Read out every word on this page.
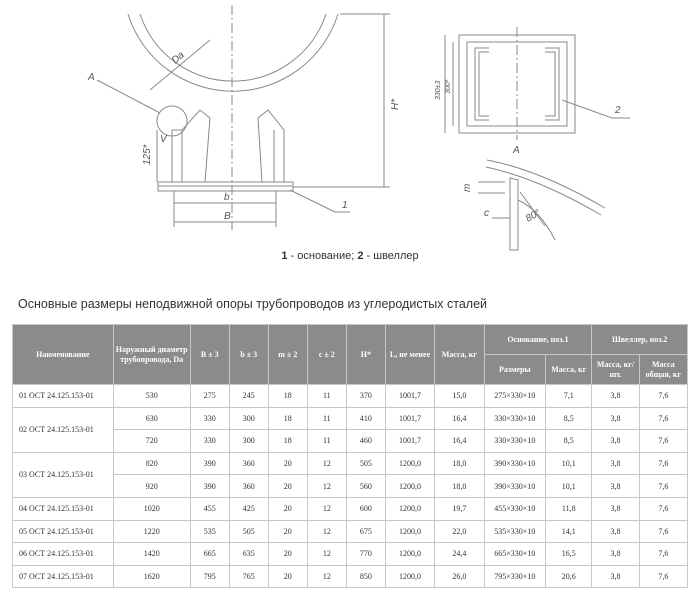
A
Da
H*
125*
b
B
1
V
A
330±3 300*
2
m
c	80°
1 - основание; 2 - швеллер
Основные размеры неподвижной опоры трубопроводов из углеродистых сталей
Наименование	Наружный диаметр трубопровода, Da	B ± 3	b ± 3	m ± 2	c ± 2	H*	L, не менее	Масса, кг	Основание, поз.1		Швеллер, поз.2	
									Размеры	Масса, кг	Масса, кг/шт.	Масса общая, кг
01 ОСТ 24.125.153-01	530	275	245	18	11	370	1001,7	15,0	275×330×10	7,1	3,8	7,6
02 ОСТ 24.125.153-01	630	330	300	18	11	410	1001,7	16,4	330×330×10	8,5	3,8	7,6
	720	330	300	18	11	460	1001,7	16,4	330×330×10	8,5	3,8	7,6
03 ОСТ 24.125.153-01	820	390	360	20	12	505	1200,0	18,0	390×330×10	10,1	3,8	7,6
	920	390	360	20	12	560	1200,0	18,0	390×330×10	10,1	3,8	7,6
04 ОСТ 24.125.153-01	1020	455	425	20	12	600	1200,0	19,7	455×330×10	11,8	3,8	7,6
05 ОСТ 24.125.153-01	1220	535	505	20	12	675	1200,0	22,0	535×330×10	14,1	3,8	7,6
06 ОСТ 24.125.153-01	1420	665	635	20	12	770	1200,0	24,4	665×330×10	16,5	3,8	7,6
07 ОСТ 24.125.153-01	1620	795	765	20	12	850	1200,0	26,0	795×330×10	20,6	3,8	7,6
